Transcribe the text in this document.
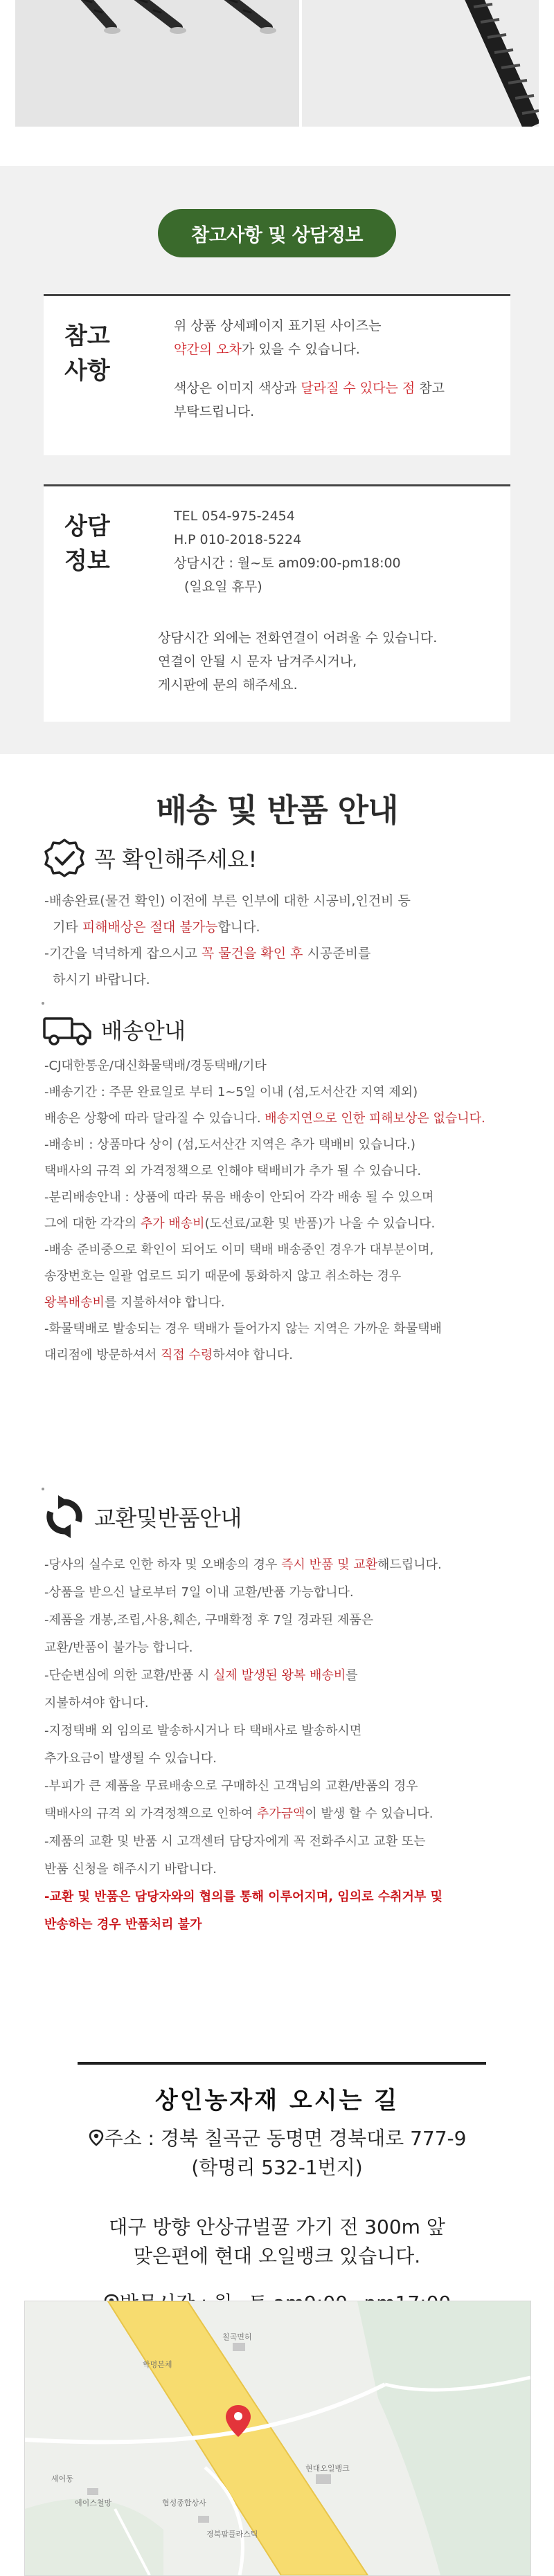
참고사항 및 상담정보
참고
사항
위 상품 상세페이지 표기된 사이즈는
약간의 오차가 있을 수 있습니다.
색상은 이미지 색상과 달라질 수 있다는 점 참고
부탁드립니다.
상담
정보
TEL 054-975-2454
H.P 010-2018-5224
상담시간 : 월~토 am09:00-pm18:00
(일요일 휴무)
상담시간 외에는 전화연결이 어려울 수 있습니다.
연결이 안될 시 문자 남겨주시거나,
게시판에 문의 해주세요.
배송 및 반품 안내
꼭 확인해주세요!
-배송완료(물건 확인) 이전에 부른 인부에 대한 시공비,인건비 등
기타 피해배상은 절대 불가능합니다.
-기간을 넉넉하게 잡으시고 꼭 물건을 확인 후 시공준비를
하시기 바랍니다.
배송안내
-CJ대한통운/대신화물택배/경동택배/기타
-배송기간 : 주문 완료일로 부터 1~5일 이내 (섬,도서산간 지역 제외)
배송은 상황에 따라 달라질 수 있습니다. 배송지연으로 인한 피해보상은 없습니다.
-배송비 : 상품마다 상이 (섬,도서산간 지역은 추가 택배비 있습니다.)
택배사의 규격 외 가격정책으로 인해야 택배비가 추가 될 수 있습니다.
-분리배송안내 : 상품에 따라 묶음 배송이 안되어 각각 배송 될 수 있으며
그에 대한 각각의 추가 배송비(도선료/교환 및 반품)가 나올 수 있습니다.
-배송 준비중으로 확인이 되어도 이미 택배 배송중인 경우가 대부분이며,
송장번호는 일괄 업로드 되기 때문에 통화하지 않고 취소하는 경우
왕복배송비를 지불하셔야 합니다.
-화물택배로 발송되는 경우 택배가 들어가지 않는 지역은 가까운 화물택배
대리점에 방문하셔서 직접 수령하셔야 합니다.
교환및반품안내
-당사의 실수로 인한 하자 및 오배송의 경우 즉시 반품 및 교환해드립니다.
-상품을 받으신 날로부터 7일 이내 교환/반품 가능합니다.
-제품을 개봉,조립,사용,훼손, 구매확정 후 7일 경과된 제품은
교환/반품이 불가능 합니다.
-단순변심에 의한 교환/반품 시 실제 발생된 왕복 배송비를
지불하셔야 합니다.
-지정택배 외 임의로 발송하시거나 타 택배사로 발송하시면
추가요금이 발생될 수 있습니다.
-부피가 큰 제품을 무료배송으로 구매하신 고객님의 교환/반품의 경우
택배사의 규격 외 가격정책으로 인하여 추가금액이 발생 할 수 있습니다.
-제품의 교환 및 반품 시 고객센터 담당자에게 꼭 전화주시고 교환 또는
반품 신청을 해주시기 바랍니다.
-교환 및 반품은 담당자와의 협의를 통해 이루어지며, 임의로 수취거부 및
반송하는 경우 반품처리 불가
상인농자재 오시는 길
주소 : 경북 칠곡군 동명면 경북대로 777-9
(학명리 532-1번지)
대구 방향 안상규벌꿀 가기 전 300m 앞
맞은편에 현대 오일뱅크 있습니다.
칠곡면허
학명본체
세어동
에이스철망	협성종합상사
현대오일뱅크
경북팜플라스틱
